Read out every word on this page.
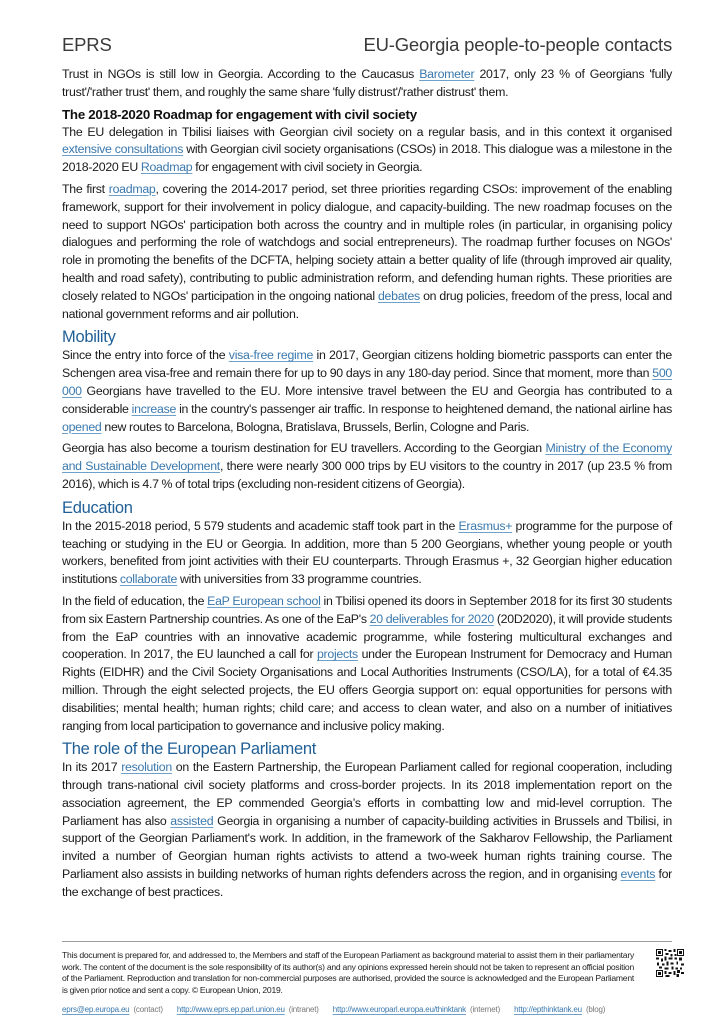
EPRS	EU-Georgia people-to-people contacts

Trust in NGOs is still low in Georgia. According to the Caucasus Barometer 2017, only 23 % of Georgians 'fully trust'/'rather trust' them, and roughly the same share 'fully distrust'/'rather distrust' them.

The 2018-2020 Roadmap for engagement with civil society

The EU delegation in Tbilisi liaises with Georgian civil society on a regular basis, and in this context it organised extensive consultations with Georgian civil society organisations (CSOs) in 2018. This dialogue was a milestone in the 2018-2020 EU Roadmap for engagement with civil society in Georgia.

The first roadmap, covering the 2014-2017 period, set three priorities regarding CSOs: improvement of the enabling framework, support for their involvement in policy dialogue, and capacity-building. The new roadmap focuses on the need to support NGOs' participation both across the country and in multiple roles (in particular, in organising policy dialogues and performing the role of watchdogs and social entrepreneurs). The roadmap further focuses on NGOs' role in promoting the benefits of the DCFTA, helping society attain a better quality of life (through improved air quality, health and road safety), contributing to public administration reform, and defending human rights. These priorities are closely related to NGOs' participation in the ongoing national debates on drug policies, freedom of the press, local and national government reforms and air pollution.

Mobility

Since the entry into force of the visa-free regime in 2017, Georgian citizens holding biometric passports can enter the Schengen area visa-free and remain there for up to 90 days in any 180-day period. Since that moment, more than 500 000 Georgians have travelled to the EU. More intensive travel between the EU and Georgia has contributed to a considerable increase in the country's passenger air traffic. In response to heightened demand, the national airline has opened new routes to Barcelona, Bologna, Bratislava, Brussels, Berlin, Cologne and Paris.

Georgia has also become a tourism destination for EU travellers. According to the Georgian Ministry of the Economy and Sustainable Development, there were nearly 300 000 trips by EU visitors to the country in 2017 (up 23.5 % from 2016), which is 4.7 % of total trips (excluding non-resident citizens of Georgia).

Education

In the 2015-2018 period, 5 579 students and academic staff took part in the Erasmus+ programme for the purpose of teaching or studying in the EU or Georgia. In addition, more than 5 200 Georgians, whether young people or youth workers, benefited from joint activities with their EU counterparts. Through Erasmus +, 32 Georgian higher education institutions collaborate with universities from 33 programme countries.

In the field of education, the EaP European school in Tbilisi opened its doors in September 2018 for its first 30 students from six Eastern Partnership countries. As one of the EaP's 20 deliverables for 2020 (20D2020), it will provide students from the EaP countries with an innovative academic programme, while fostering multicultural exchanges and cooperation. In 2017, the EU launched a call for projects under the European Instrument for Democracy and Human Rights (EIDHR) and the Civil Society Organisations and Local Authorities Instruments (CSO/LA), for a total of €4.35 million. Through the eight selected projects, the EU offers Georgia support on: equal opportunities for persons with disabilities; mental health; human rights; child care; and access to clean water, and also on a number of initiatives ranging from local participation to governance and inclusive policy making.

The role of the European Parliament

In its 2017 resolution on the Eastern Partnership, the European Parliament called for regional cooperation, including through trans-national civil society platforms and cross-border projects. In its 2018 implementation report on the association agreement, the EP commended Georgia’s efforts in combatting low and mid-level corruption. The Parliament has also assisted Georgia in organising a number of capacity-building activities in Brussels and Tbilisi, in support of the Georgian Parliament's work. In addition, in the framework of the Sakharov Fellowship, the Parliament invited a number of Georgian human rights activists to attend a two-week human rights training course. The Parliament also assists in building networks of human rights defenders across the region, and in organising events for the exchange of best practices.

This document is prepared for, and addressed to, the Members and staff of the European Parliament as background material to assist them in their parliamentary work. The content of the document is the sole responsibility of its author(s) and any opinions expressed herein should not be taken to represent an official position of the Parliament. Reproduction and translation for non-commercial purposes are authorised, provided the source is acknowledged and the European Parliament is given prior notice and sent a copy. © European Union, 2019.
eprs@ep.europa.eu (contact) http://www.eprs.ep.parl.union.eu (intranet) http://www.europarl.europa.eu/thinktank (internet) http://epthinktank.eu (blog)
